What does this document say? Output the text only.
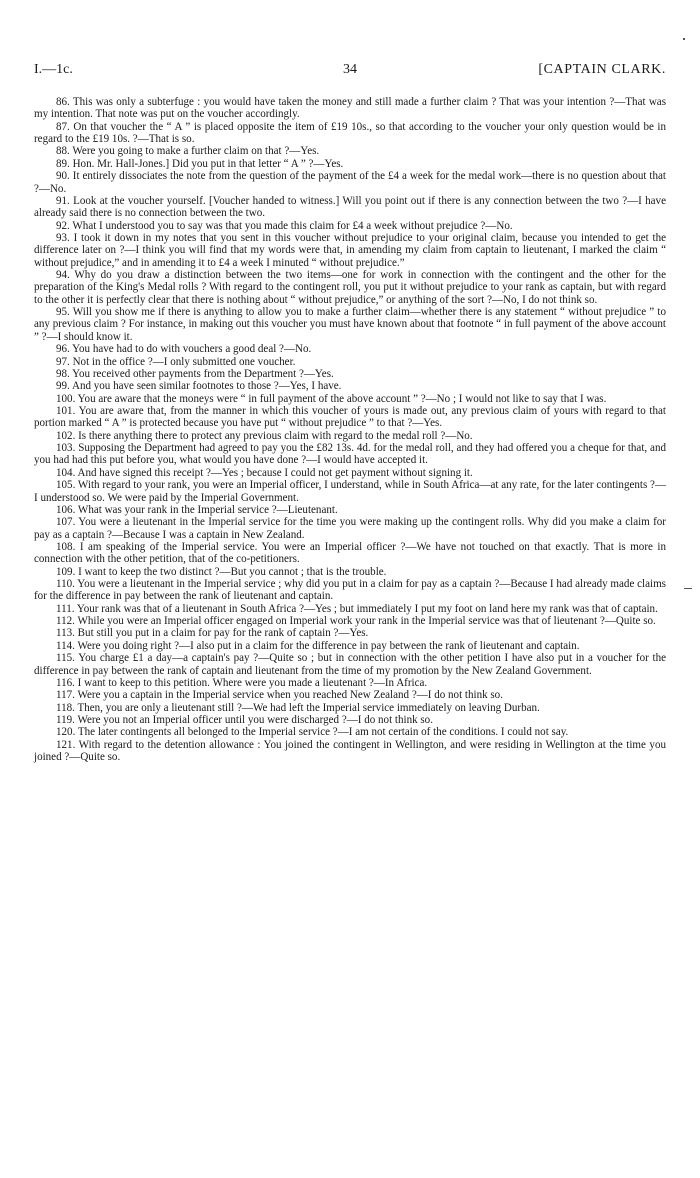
I.—1c.	34	[CAPTAIN CLARK.

86. This was only a subterfuge : you would have taken the money and still made a further claim ? That was your intention ?—That was my intention. That note was put on the voucher accordingly.

87. On that voucher the “ A ” is placed opposite the item of £19 10s., so that according to the voucher your only question would be in regard to the £19 10s. ?—That is so.

88. Were you going to make a further claim on that ?—Yes.

89. Hon. Mr. Hall-Jones.] Did you put in that letter “ A ” ?—Yes.

90. It entirely dissociates the note from the question of the payment of the £4 a week for the medal work—there is no question about that ?—No.

91. Look at the voucher yourself. [Voucher handed to witness.] Will you point out if there is any connection between the two ?—I have already said there is no connection between the two.

92. What I understood you to say was that you made this claim for £4 a week without prejudice ?—No.

93. I took it down in my notes that you sent in this voucher without prejudice to your original claim, because you intended to get the difference later on ?—I think you will find that my words were that, in amending my claim from captain to lieutenant, I marked the claim “ without prejudice,” and in amending it to £4 a week I minuted “ without prejudice.”

94. Why do you draw a distinction between the two items—one for work in connection with the contingent and the other for the preparation of the King's Medal rolls ? With regard to the contingent roll, you put it without prejudice to your rank as captain, but with regard to the other it is perfectly clear that there is nothing about “ without prejudice,” or anything of the sort ?—No, I do not think so.

95. Will you show me if there is anything to allow you to make a further claim—whether there is any statement “ without prejudice ” to any previous claim ? For instance, in making out this voucher you must have known about that footnote “ in full payment of the above account ” ?—I should know it.

96. You have had to do with vouchers a good deal ?—No.

97. Not in the office ?—I only submitted one voucher.

98. You received other payments from the Department ?—Yes.

99. And you have seen similar footnotes to those ?—Yes, I have.

100. You are aware that the moneys were “ in full payment of the above account ” ?—No ; I would not like to say that I was.

101. You are aware that, from the manner in which this voucher of yours is made out, any previous claim of yours with regard to that portion marked “ A ” is protected because you have put “ without prejudice ” to that ?—Yes.

102. Is there anything there to protect any previous claim with regard to the medal roll ?—No.

103. Supposing the Department had agreed to pay you the £82 13s. 4d. for the medal roll, and they had offered you a cheque for that, and you had had this put before you, what would you have done ?—I would have accepted it.

104. And have signed this receipt ?—Yes ; because I could not get payment without signing it.

105. With regard to your rank, you were an Imperial officer, I understand, while in South Africa—at any rate, for the later contingents ?—I understood so. We were paid by the Imperial Government.

106. What was your rank in the Imperial service ?—Lieutenant.

107. You were a lieutenant in the Imperial service for the time you were making up the contingent rolls. Why did you make a claim for pay as a captain ?—Because I was a captain in New Zealand.

108. I am speaking of the Imperial service. You were an Imperial officer ?—We have not touched on that exactly. That is more in connection with the other petition, that of the co-petitioners.

109. I want to keep the two distinct ?—But you cannot ; that is the trouble.

110. You were a lieutenant in the Imperial service ; why did you put in a claim for pay as a captain ?—Because I had already made claims for the difference in pay between the rank of lieutenant and captain.

111. Your rank was that of a lieutenant in South Africa ?—Yes ; but immediately I put my foot on land here my rank was that of captain.

112. While you were an Imperial officer engaged on Imperial work your rank in the Imperial service was that of lieutenant ?—Quite so.

113. But still you put in a claim for pay for the rank of captain ?—Yes.

114. Were you doing right ?—I also put in a claim for the difference in pay between the rank of lieutenant and captain.

115. You charge £1 a day—a captain's pay ?—Quite so ; but in connection with the other petition I have also put in a voucher for the difference in pay between the rank of captain and lieutenant from the time of my promotion by the New Zealand Government.

116. I want to keep to this petition. Where were you made a lieutenant ?—In Africa.

117. Were you a captain in the Imperial service when you reached New Zealand ?—I do not think so.

118. Then, you are only a lieutenant still ?—We had left the Imperial service immediately on leaving Durban.

119. Were you not an Imperial officer until you were discharged ?—I do not think so.

120. The later contingents all belonged to the Imperial service ?—I am not certain of the conditions. I could not say.

121. With regard to the detention allowance : You joined the contingent in Wellington, and were residing in Wellington at the time you joined ?—Quite so.
